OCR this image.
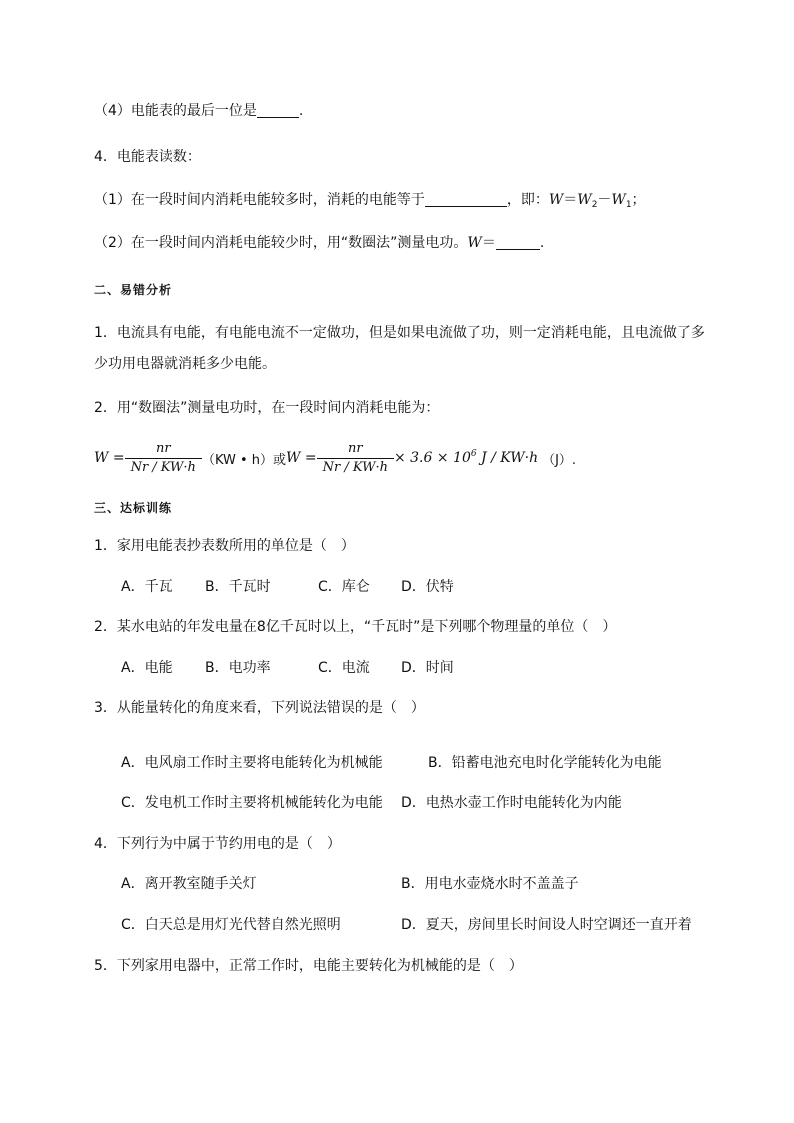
（4）电能表的最后一位是	.
4．电能表读数：
（1）在一段时间内消耗电能较多时，消耗的电能等于	，即：$W=W_2-W_1$；
（2）在一段时间内消耗电能较少时，用“数圈法”测量电功。W＝	.
二、易错分析
1．电流具有电能，有电能电流不一定做功，但是如果电流做了功，则一定消耗电能，且电流做了多
少功用电器就消耗多少电能。
2．用“数圈法”测量电功时，在一段时间内消耗电能为：
$W = \frac{nr}{Nr / KW\cdot h} (KW$ • h）或 $W = \frac{nr}{Nr / KW\cdot h} \times 3.6 \times 10^6$ J / KW·h （J）.
三、达标训练
1．家用电能表抄表数所用的单位是（　）
A．千瓦 B．千瓦时	C．库仑 D．伏特
2．某水电站的年发电量在8亿千瓦时以上，“千瓦时”是下列哪个物理量的单位（　）
A．电能 B．电功率	C．电流 D．时间
3．从能量转化的角度来看，下列说法错误的是（　）
A．电风扇工作时主要将电能转化为机械能	B．铅蓄电池充电时化学能转化为电能
C．发电机工作时主要将机械能转化为电能 D．电热水壶工作时电能转化为内能
4．下列行为中属于节约用电的是（　）
A．离开教室随手关灯	B．用电水壶烧水时不盖盖子
C．白天总是用灯光代替自然光照明	D．夏天，房间里长时间设人时空调还一直开着
5．下列家用电器中，正常工作时，电能主要转化为机械能的是（　）
